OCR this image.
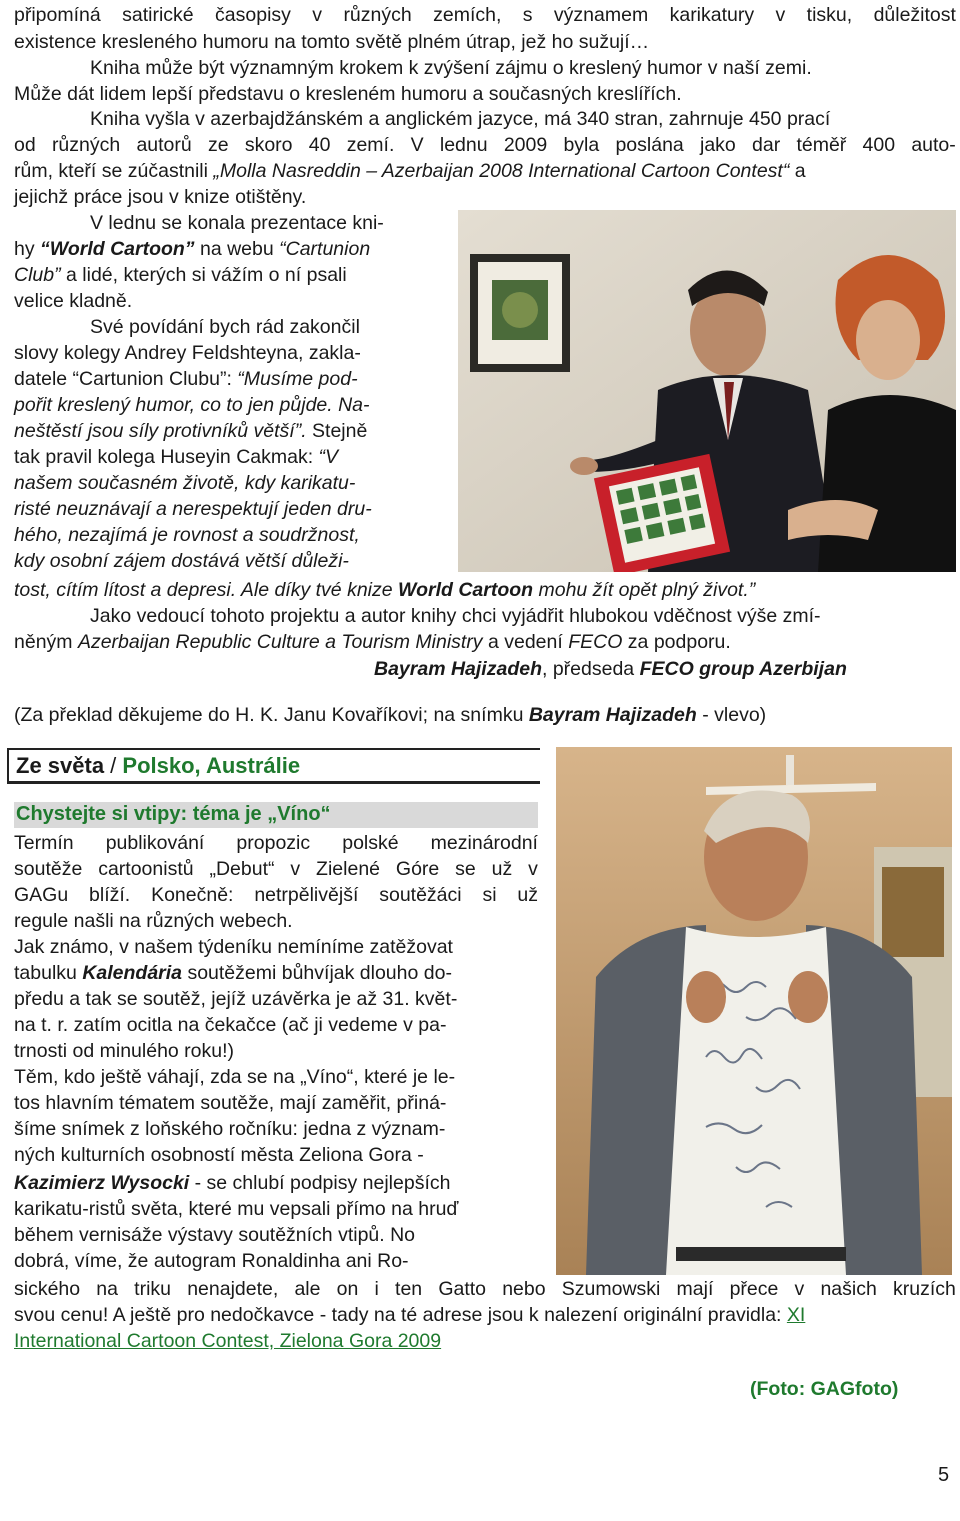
připomíná satirické časopisy v různých zemích, s významem karikatury v tisku, důležitost
existence kresleného humoru na tomto světě plném útrap, jež ho sužují…
Kniha může být významným krokem k zvýšení zájmu o kreslený humor v naší zemi.
Může dát lidem lepší představu o kresleném humoru a současných kreslířích.
Kniha vyšla v azerbajdžánském a anglickém jazyce, má 340 stran, zahrnuje 450 prací
od různých autorů ze skoro 40 zemí. V lednu 2009 byla poslána jako dar téměř 400 auto-
rům, kteří se zúčastnili „Molla Nasreddin – Azerbaijan 2008 International Cartoon Contest“ a
jejichž práce jsou v knize otištěny.
V lednu se konala prezentace kni-
hy “World Cartoon” na webu “Cartunion
Club” a lidé, kterých si vážím o ní psali
velice kladně.
Své povídání bych rád zakončil
slovy kolegy Andrey Feldshteyna, zakla-
datele “Cartunion Clubu”: “Musíme pod-
pořit kreslený humor, co to jen půjde. Na-
neštěstí jsou síly protivníků větší”. Stejně
tak pravil kolega Huseyin Cakmak: “V
našem současném životě, kdy karikatu-
risté neuznávají a nerespektují jeden dru-
hého, nezajímá je rovnost a soudržnost,
kdy osobní zájem dostává větší důleži-
tost, cítím lítost a depresi. Ale díky tvé knize World Cartoon mohu žít opět plný život.”
Jako vedoucí tohoto projektu a autor knihy chci vyjádřit hlubokou vděčnost výše zmí-
něným Azerbaijan Republic Culture a Tourism Ministry a vedení FECO za podporu.
Bayram Hajizadeh, předseda FECO group Azerbijan
(Za překlad děkujeme do H. K. Janu Kovaříkovi; na snímku Bayram Hajizadeh - vlevo)
Ze světa / Polsko, Austrálie
Chystejte si vtipy: téma je „Víno“
Termín publikování propozic polské mezinárodní
soutěže cartoonistů „Debut“ v Zielené Góre se už v
GAGu blíží. Konečně: netrpělivější soutěžáci si už
regule našli na různých webech.
Jak známo, v našem týdeníku nemíníme zatěžovat
tabulku Kalendária soutěžemi bůhvíjak dlouho do-
předu a tak se soutěž, jejíž uzávěrka je až 31. květ-
na t. r. zatím ocitla na čekačce (ač ji vedeme v pa-
trnosti od minulého roku!)
Těm, kdo ještě váhají, zda se na „Víno“, které je le-
tos hlavním tématem soutěže, mají zaměřit, přiná-
šíme snímek z loňského ročníku: jedna z význam-
ných kulturních osobností města Zeliona Gora -
Kazimierz Wysocki - se chlubí podpisy nejlepších
karikatu-ristů světa, které mu vepsali přímo na hruď
během vernisáže výstavy soutěžních vtipů. No
dobrá, víme, že autogram Ronaldinha ani Ro-
sického na triku nenajdete, ale on i ten Gatto nebo Szumowski mají přece v našich kruzích
svou cenu! A ještě pro nedočkavce - tady na té adrese jsou k nalezení originální pravidla: XI
International Cartoon Contest, Zielona Gora 2009
(Foto: GAGfoto)
5
